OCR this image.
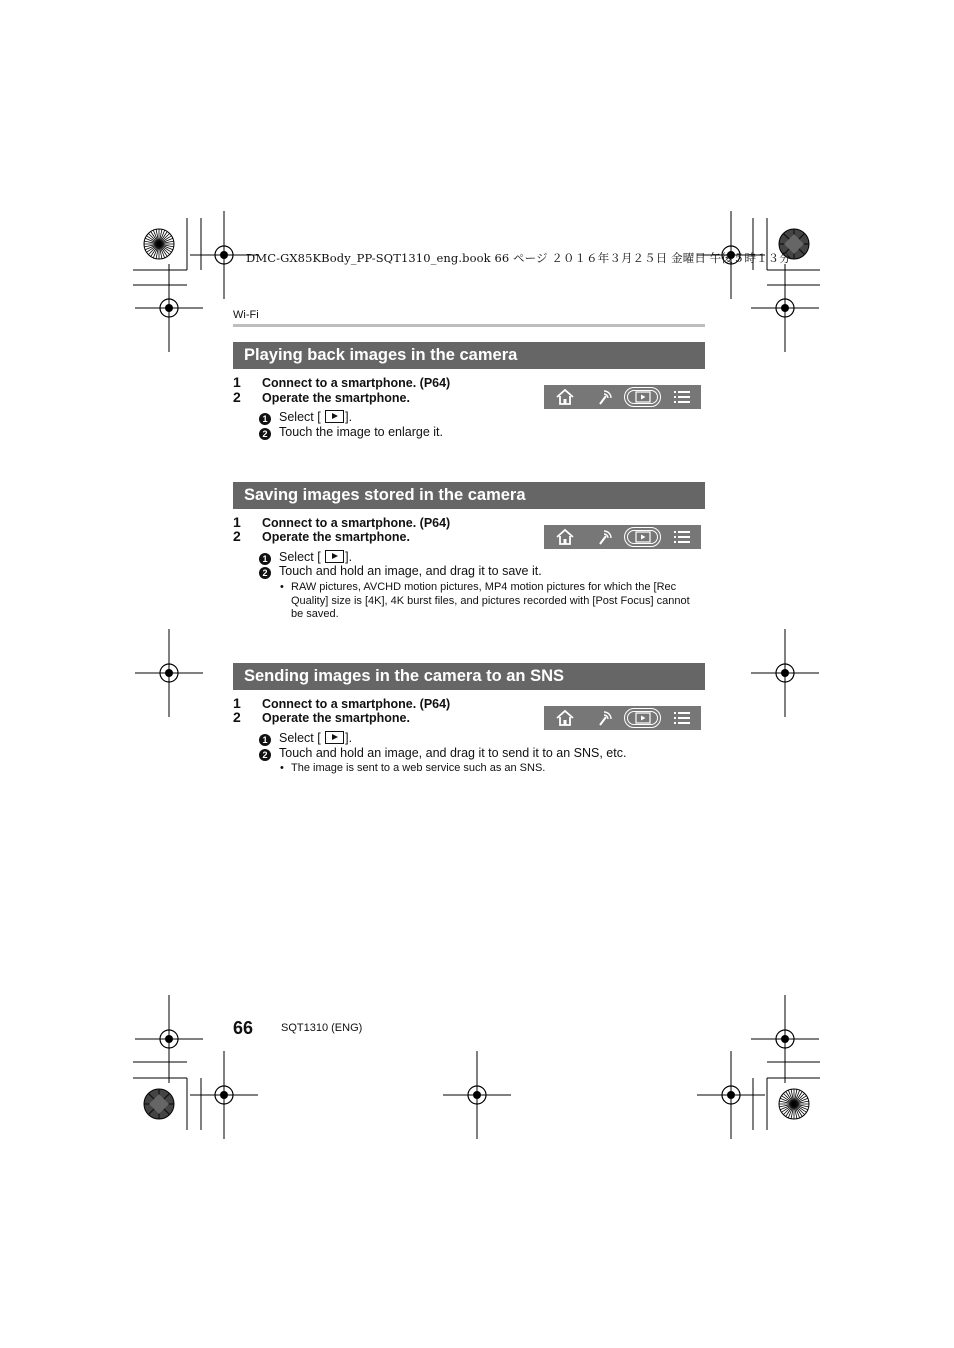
DMC-GX85KBody_PP-SQT1310_eng.book 66 ページ ２０１６年３月２５日 金曜日 午後５時１３分
Wi-Fi
Playing back images in the camera
1 Connect to a smartphone. (P64)
2 Operate the smartphone.
1 Select [ ].
2 Touch the image to enlarge it.
Saving images stored in the camera
1 Connect to a smartphone. (P64)
2 Operate the smartphone.
1 Select [ ].
2 Touch and hold an image, and drag it to save it.
• RAW pictures, AVCHD motion pictures, MP4 motion pictures for which the [Rec Quality] size is [4K], 4K burst files, and pictures recorded with [Post Focus] cannot be saved.
Sending images in the camera to an SNS
1 Connect to a smartphone. (P64)
2 Operate the smartphone.
1 Select [ ].
2 Touch and hold an image, and drag it to send it to an SNS, etc.
• The image is sent to a web service such as an SNS.
66	SQT1310 (ENG)
